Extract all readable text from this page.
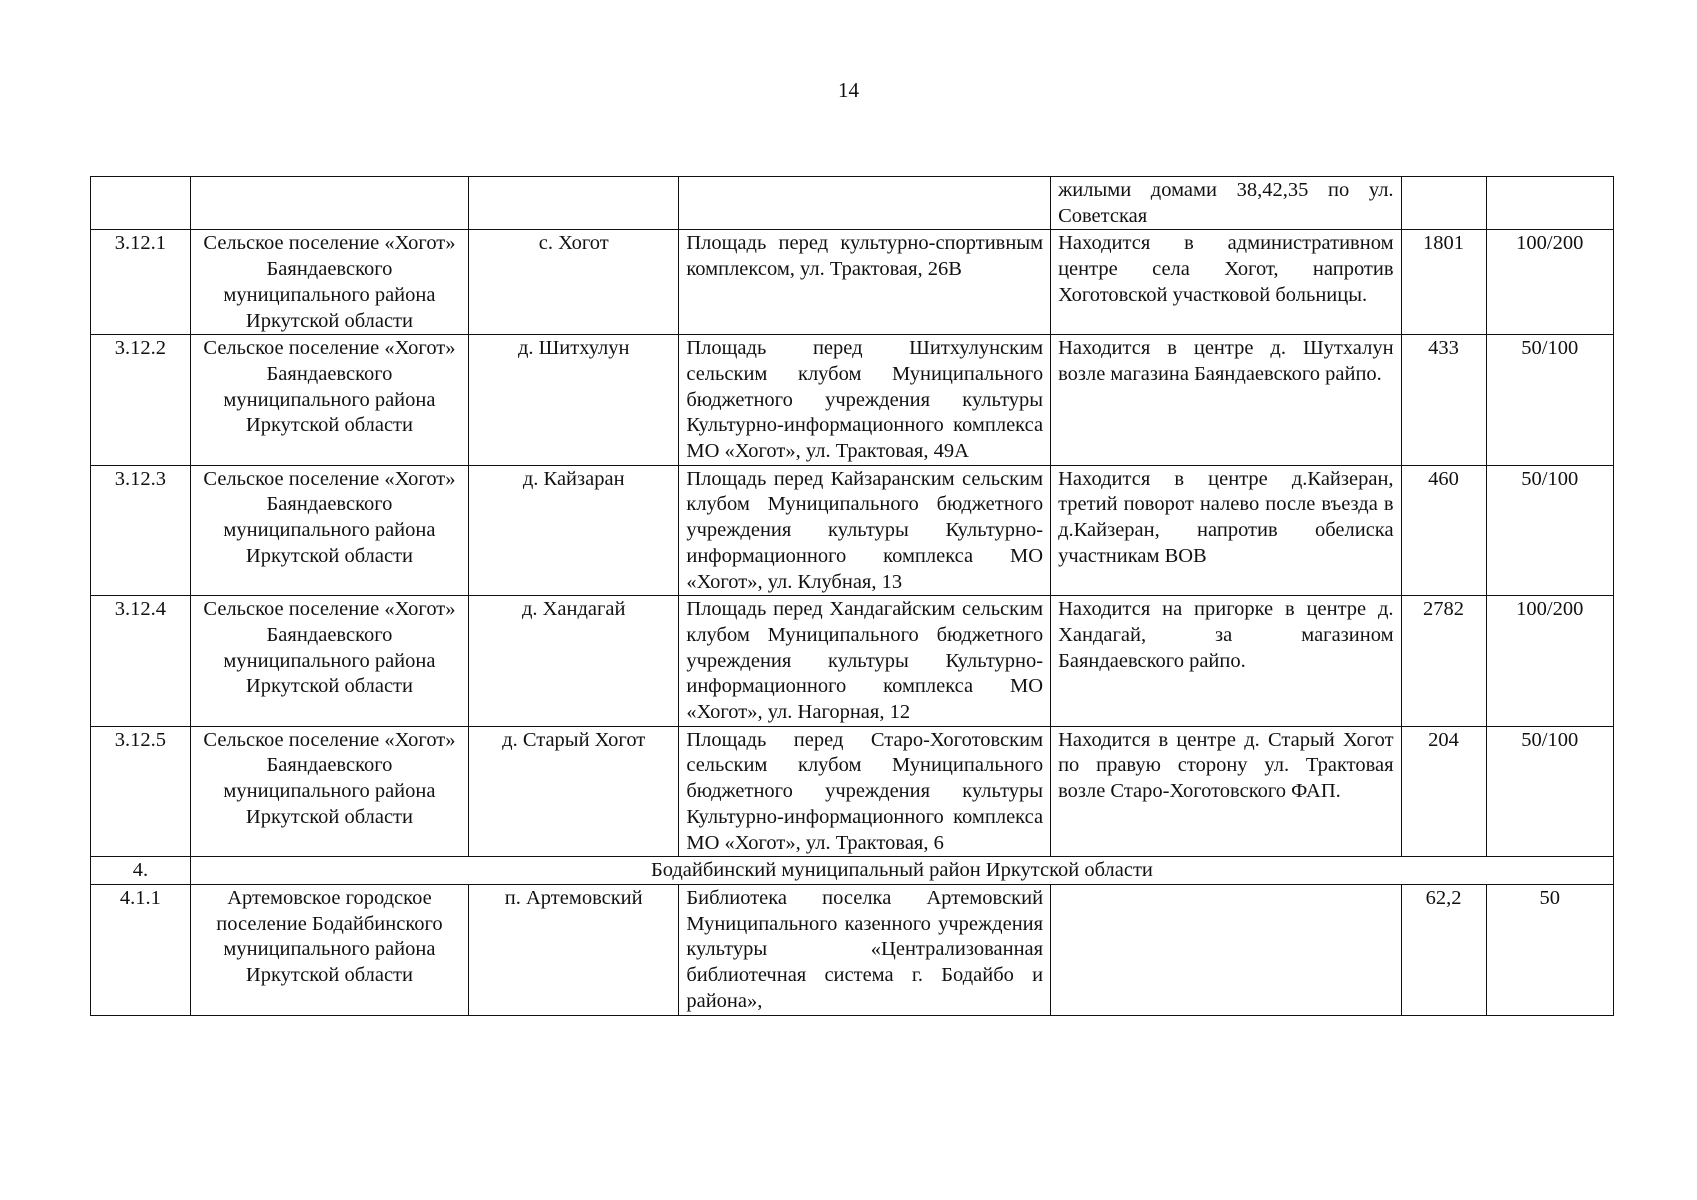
14
				жилыми домами 38,42,35 по ул. Советская		
3.12.1	Сельское поселение «Хогот» Баяндаевского муниципального района Иркутской области	с. Хогот	Площадь перед культурно-спортивным комплексом, ул. Трактовая, 26В	Находится в административном центре села Хогот, напротив Хоготовской участковой больницы.	1801	100/200
3.12.2	Сельское поселение «Хогот» Баяндаевского муниципального района Иркутской области	д. Шитхулун	Площадь перед Шитхулунским сельским клубом Муниципального бюджетного учреждения культуры Культурно-информационного комплекса МО «Хогот», ул. Трактовая, 49А	Находится в центре д. Шутхалун возле магазина Баяндаевского райпо.	433	50/100
3.12.3	Сельское поселение «Хогот» Баяндаевского муниципального района Иркутской области	д. Кайзаран	Площадь перед Кайзаранским сельским клубом Муниципального бюджетного учреждения культуры Культурно-информационного комплекса МО «Хогот», ул. Клубная, 13	Находится в центре д.Кайзеран, третий поворот налево после въезда в д.Кайзеран, напротив обелиска участникам ВОВ	460	50/100
3.12.4	Сельское поселение «Хогот» Баяндаевского муниципального района Иркутской области	д. Хандагай	Площадь перед Хандагайским сельским клубом Муниципального бюджетного учреждения культуры Культурно-информационного комплекса МО «Хогот», ул. Нагорная, 12	Находится на пригорке в центре д. Хандагай, за магазином Баяндаевского райпо.	2782	100/200
3.12.5	Сельское поселение «Хогот» Баяндаевского муниципального района Иркутской области	д. Старый Хогот	Площадь перед Старо-Хоготовским сельским клубом Муниципального бюджетного учреждения культуры Культурно-информационного комплекса МО «Хогот», ул. Трактовая, 6	Находится в центре д. Старый Хогот по правую сторону ул. Трактовая возле Старо-Хоготовского ФАП.	204	50/100
4.	Бодайбинский муниципальный район Иркутской области					
4.1.1	Артемовское городское поселение Бодайбинского муниципального района Иркутской области	п. Артемовский	Библиотека поселка Артемовский Муниципального казенного учреждения культуры «Централизованная библиотечная система г. Бодайбо и района»,		62,2	50
